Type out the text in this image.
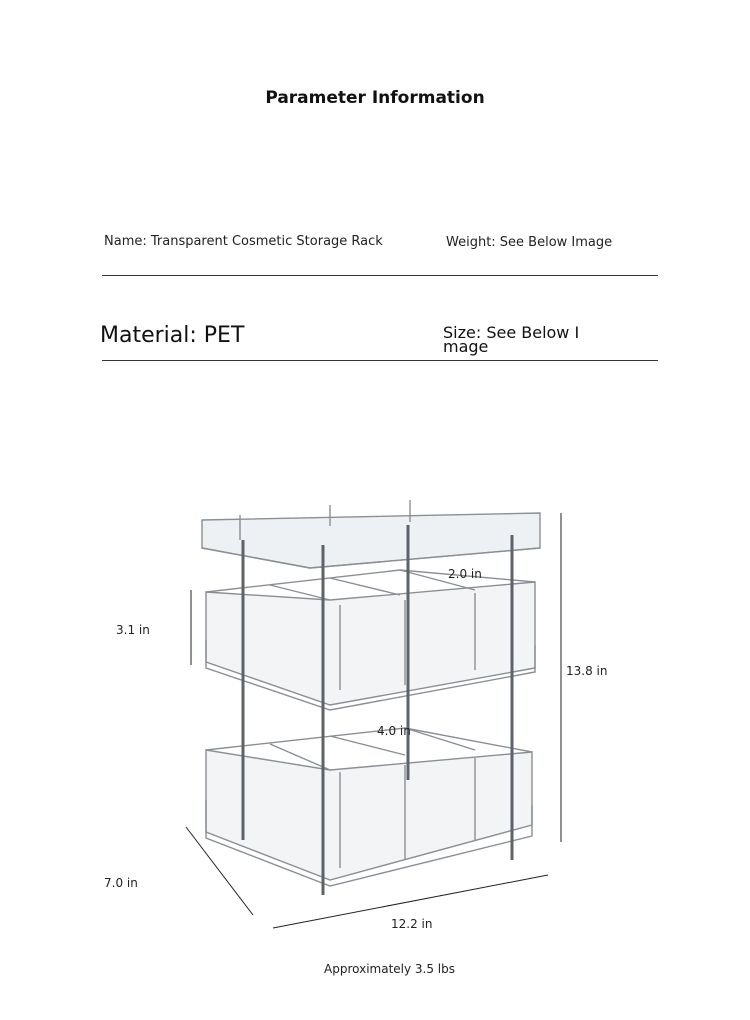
Parameter Information
Name: Transparent Cosmetic Storage Rack	Weight: See Below Image
Material: PET	Size: See Below I
mage
2.0 in
3.1 in
4.0 in
13.8 in
7.0 in
12.2 in
Approximately 3.5 lbs
